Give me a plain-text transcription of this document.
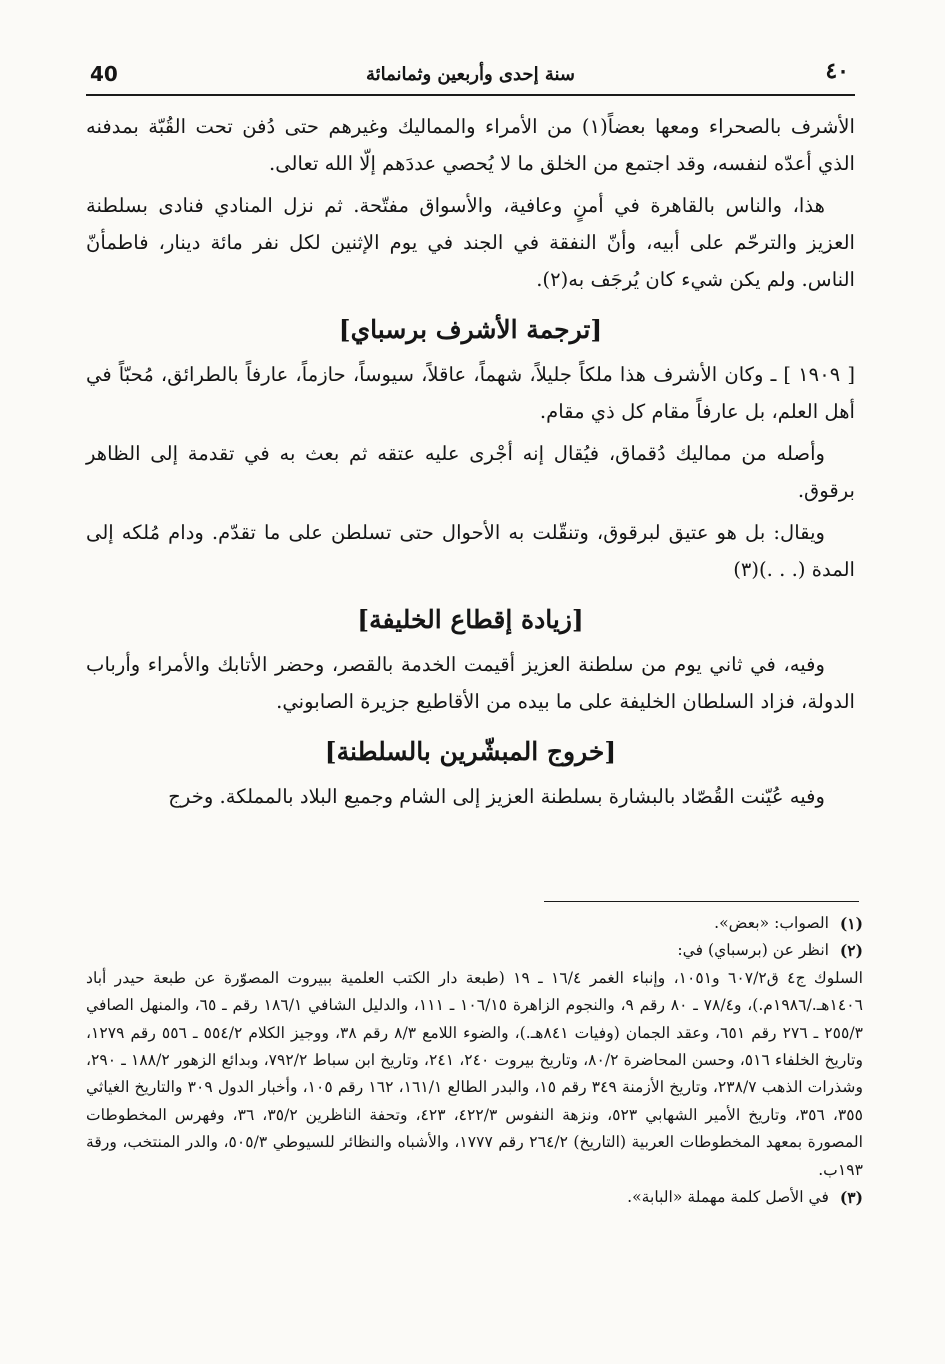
40	سنة إحدى وأربعين وثمانمائة	٤٠

الأشرف بالصحراء ومعها بعضاً(١) من الأمراء والمماليك وغيرهم حتى دُفن تحت القُبّة بمدفنه الذي أعدّه لنفسه، وقد اجتمع من الخلق ما لا يُحصي عددَهم إلّا الله تعالى.

هذا، والناس بالقاهرة في أمنٍ وعافية، والأسواق مفتّحة. ثم نزل المنادي فنادى بسلطنة العزيز والترحّم على أبيه، وأنّ النفقة في الجند في يوم الإثنين لكل نفر مائة دينار، فاطمأنّ الناس. ولم يكن شيء كان يُرجَف به(٢).

[ترجمة الأشرف برسباي]

[ ١٩٠٩ ] ـ وكان الأشرف هذا ملكاً جليلاً، شهماً، عاقلاً، سيوساً، حازماً، عارفاً بالطرائق، مُحبّاً في أهل العلم، بل عارفاً مقام كل ذي مقام.

وأصله من مماليك دُقماق، فيُقال إنه أجْرى عليه عتقه ثم بعث به في تقدمة إلى الظاهر برقوق.

ويقال: بل هو عتيق لبرقوق، وتنقّلت به الأحوال حتى تسلطن على ما تقدّم. ودام مُلكه إلى المدة (. . .)(٣)

[زيادة إقطاع الخليفة]

وفيه، في ثاني يوم من سلطنة العزيز أقيمت الخدمة بالقصر، وحضر الأتابك والأمراء وأرباب الدولة، فزاد السلطان الخليفة على ما بيده من الأقاطيع جزيرة الصابوني.

[خروج المبشّرين بالسلطنة]

وفيه عُيّنت القُصّاد بالبشارة بسلطنة العزيز إلى الشام وجميع البلاد بالمملكة. وخرج

(١)
الصواب: «بعض».
(٢)
انظر عن (برسباي) في:
السلوك ج٤ ق٦٠٧/٢ و١٠٥١، وإنباء الغمر ١٦/٤ ـ ١٩ (طبعة دار الكتب العلمية ببيروت المصوّرة عن طبعة حيدر أباد ١٤٠٦هـ./١٩٨٦م.)، و٧٨/٤ ـ ٨٠ رقم ٩، والنجوم الزاهرة ١٠٦/١٥ ـ ١١١، والدليل الشافي ١٨٦/١ رقم ـ ٦٥، والمنهل الصافي ٢٥٥/٣ ـ ٢٧٦ رقم ٦٥١، وعقد الجمان (وفيات ٨٤١هـ.)، والضوء اللامع ٨/٣ رقم ٣٨، ووجيز الكلام ٥٥٤/٢ ـ ٥٥٦ رقم ١٢٧٩، وتاريخ الخلفاء ٥١٦، وحسن المحاضرة ٨٠/٢، وتاريخ بيروت ٢٤٠، ٢٤١، وتاريخ ابن سباط ٧٩٢/٢، وبدائع الزهور ١٨٨/٢ ـ ٢٩٠، وشذرات الذهب ٢٣٨/٧، وتاريخ الأزمنة ٣٤٩ رقم ١٥، والبدر الطالع ١٦١/١، ١٦٢ رقم ١٠٥، وأخبار الدول ٣٠٩ والتاريخ الغياثي ٣٥٥، ٣٥٦، وتاريخ الأمير الشهابي ٥٢٣، ونزهة النفوس ٤٢٢/٣، ٤٢٣، وتحفة الناظرين ٣٥/٢، ٣٦، وفهرس المخطوطات المصورة بمعهد المخطوطات العربية (التاريخ) ٢٦٤/٢ رقم ١٧٧٧، والأشباه والنظائر للسيوطي ٥٠٥/٣، والدر المنتخب، ورقة ١٩٣ب.
(٣)
في الأصل كلمة مهملة «البابة».
